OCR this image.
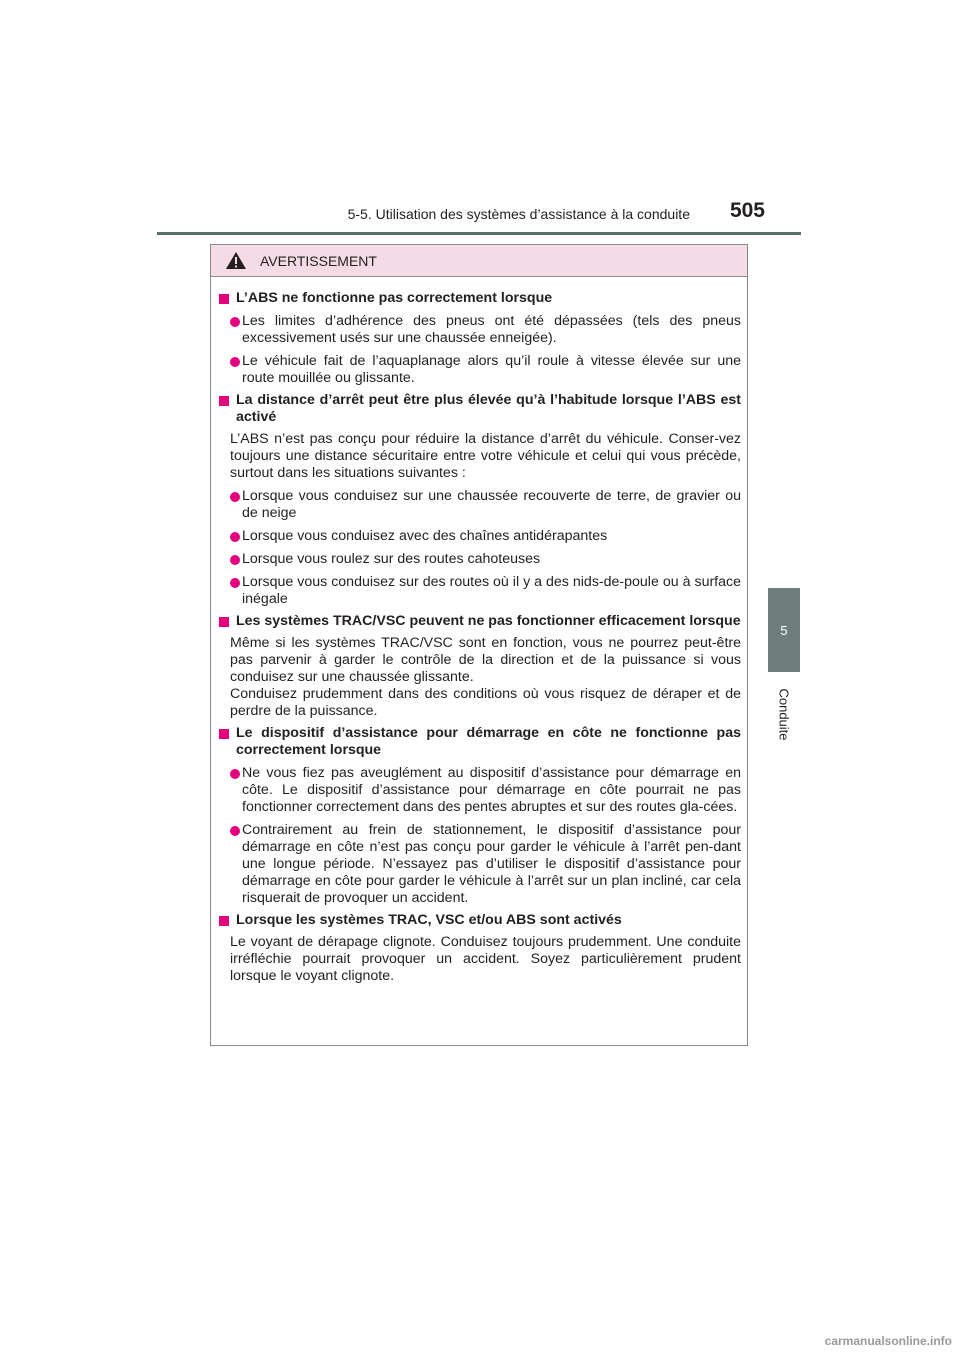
5-5. Utilisation des systèmes d’assistance à la conduite	505
5
Conduite
AVERTISSEMENT
L’ABS ne fonctionne pas correctement lorsque
Les limites d’adhérence des pneus ont été dépassées (tels des pneus excessivement usés sur une chaussée enneigée).
Le véhicule fait de l’aquaplanage alors qu’il roule à vitesse élevée sur une route mouillée ou glissante.
La distance d’arrêt peut être plus élevée qu’à l’habitude lorsque l’ABS est activé
L’ABS n’est pas conçu pour réduire la distance d’arrêt du véhicule. Conser-vez toujours une distance sécuritaire entre votre véhicule et celui qui vous précède, surtout dans les situations suivantes :
Lorsque vous conduisez sur une chaussée recouverte de terre, de gravier ou de neige
Lorsque vous conduisez avec des chaînes antidérapantes
Lorsque vous roulez sur des routes cahoteuses
Lorsque vous conduisez sur des routes où il y a des nids-de-poule ou à surface inégale
Les systèmes TRAC/VSC peuvent ne pas fonctionner efficacement lorsque
Même si les systèmes TRAC/VSC sont en fonction, vous ne pourrez peut-être pas parvenir à garder le contrôle de la direction et de la puissance si vous conduisez sur une chaussée glissante.
Conduisez prudemment dans des conditions où vous risquez de déraper et de perdre de la puissance.
Le dispositif d’assistance pour démarrage en côte ne fonctionne pas correctement lorsque
Ne vous fiez pas aveuglément au dispositif d’assistance pour démarrage en côte. Le dispositif d’assistance pour démarrage en côte pourrait ne pas fonctionner correctement dans des pentes abruptes et sur des routes gla-cées.
Contrairement au frein de stationnement, le dispositif d’assistance pour démarrage en côte n’est pas conçu pour garder le véhicule à l’arrêt pen-dant une longue période. N’essayez pas d’utiliser le dispositif d’assistance pour démarrage en côte pour garder le véhicule à l’arrêt sur un plan incliné, car cela risquerait de provoquer un accident.
Lorsque les systèmes TRAC, VSC et/ou ABS sont activés
Le voyant de dérapage clignote. Conduisez toujours prudemment. Une conduite irréfléchie pourrait provoquer un accident. Soyez particulièrement prudent lorsque le voyant clignote.
carmanualsonline.info
